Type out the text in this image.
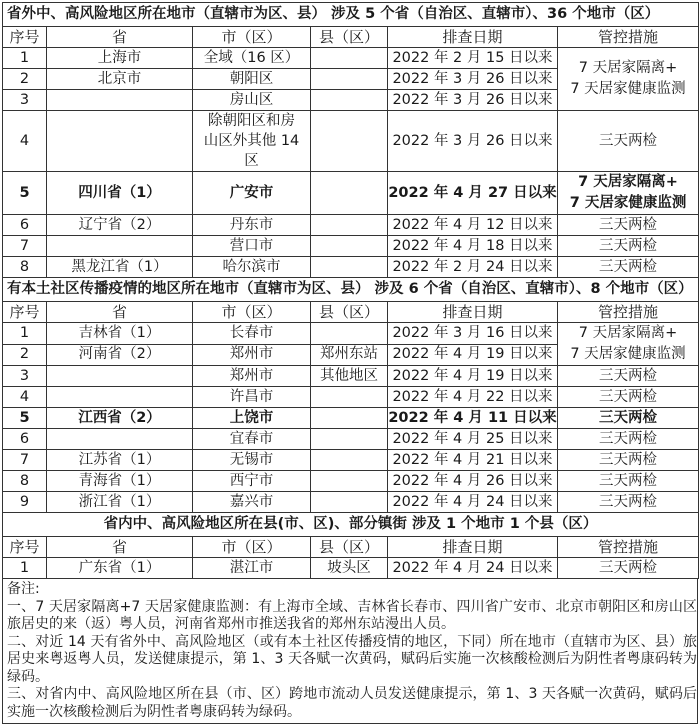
省外中、高风险地区所在地市（直辖市为区、县） 涉及 5 个省（自治区、直辖市）、36 个地市（区）					
序号	省	市（区）	县（区）	排查日期	管控措施
1	上海市	全域（16 区）		2022 年 2 月 15 日以来	7 天居家隔离+
7 天居家健康监测
2	北京市	朝阳区		2022 年 3 月 26 日以来	
3		房山区		2022 年 3 月 26 日以来	
4		除朝阳区和房山区外其他 14 区		2022 年 3 月 26 日以来	三天两检
5	四川省（1）	广安市		2022 年 4 月 27 日以来	7 天居家隔离+
7 天居家健康监测
6	辽宁省（2）	丹东市		2022 年 4 月 12 日以来	三天两检
7		营口市		2022 年 4 月 18 日以来	三天两检
8	黑龙江省（1）	哈尔滨市		2022 年 2 月 24 日以来	三天两检
有本土社区传播疫情的地区所在地市（直辖市为区、县） 涉及 6 个省（自治区、直辖市）、8 个地市（区）					
序号	省	市（区）	县（区）	排查日期	管控措施
1	吉林省（1）	长春市		2022 年 3 月 16 日以来	7 天居家隔离+
7 天居家健康监测
2	河南省（2）	郑州市	郑州东站	2022 年 4 月 19 日以来	
3		郑州市	其他地区	2022 年 4 月 19 日以来	三天两检
4		许昌市		2022 年 4 月 22 日以来	三天两检
5	江西省（2）	上饶市		2022 年 4 月 11 日以来	三天两检
6		宜春市		2022 年 4 月 25 日以来	三天两检
7	江苏省（1）	无锡市		2022 年 4 月 21 日以来	三天两检
8	青海省（1）	西宁市		2022 年 4 月 26 日以来	三天两检
9	浙江省（1）	嘉兴市		2022 年 4 月 24 日以来	三天两检
省内中、高风险地区所在县(市、区)、部分镇街 涉及 1 个地市 1 个县（区）					
序号	省	市（区）	县（区）	排查日期	管控措施
1	广东省（1）	湛江市	坡头区	2022 年 4 月 24 日以来	三天两检
备注:
一、7 天居家隔离+7 天居家健康监测：有上海市全域、吉林省长春市、四川省广安市、北京市朝阳区和房山区旅居史的来（返）粤人员，河南省郑州市推送我省的郑州东站漫出人员。
二、对近 14 天有省外中、高风险地区（或有本土社区传播疫情的地区，下同）所在地市（直辖市为区、县）旅居史来粤返粤人员，发送健康提示，第 1、3 天各赋一次黄码，赋码后实施一次核酸检测后为阴性者粤康码转为绿码。
三、对省内中、高风险地区所在县（市、区）跨地市流动人员发送健康提示，第 1、3 天各赋一次黄码，赋码后实施一次核酸检测后为阴性者粤康码转为绿码。
